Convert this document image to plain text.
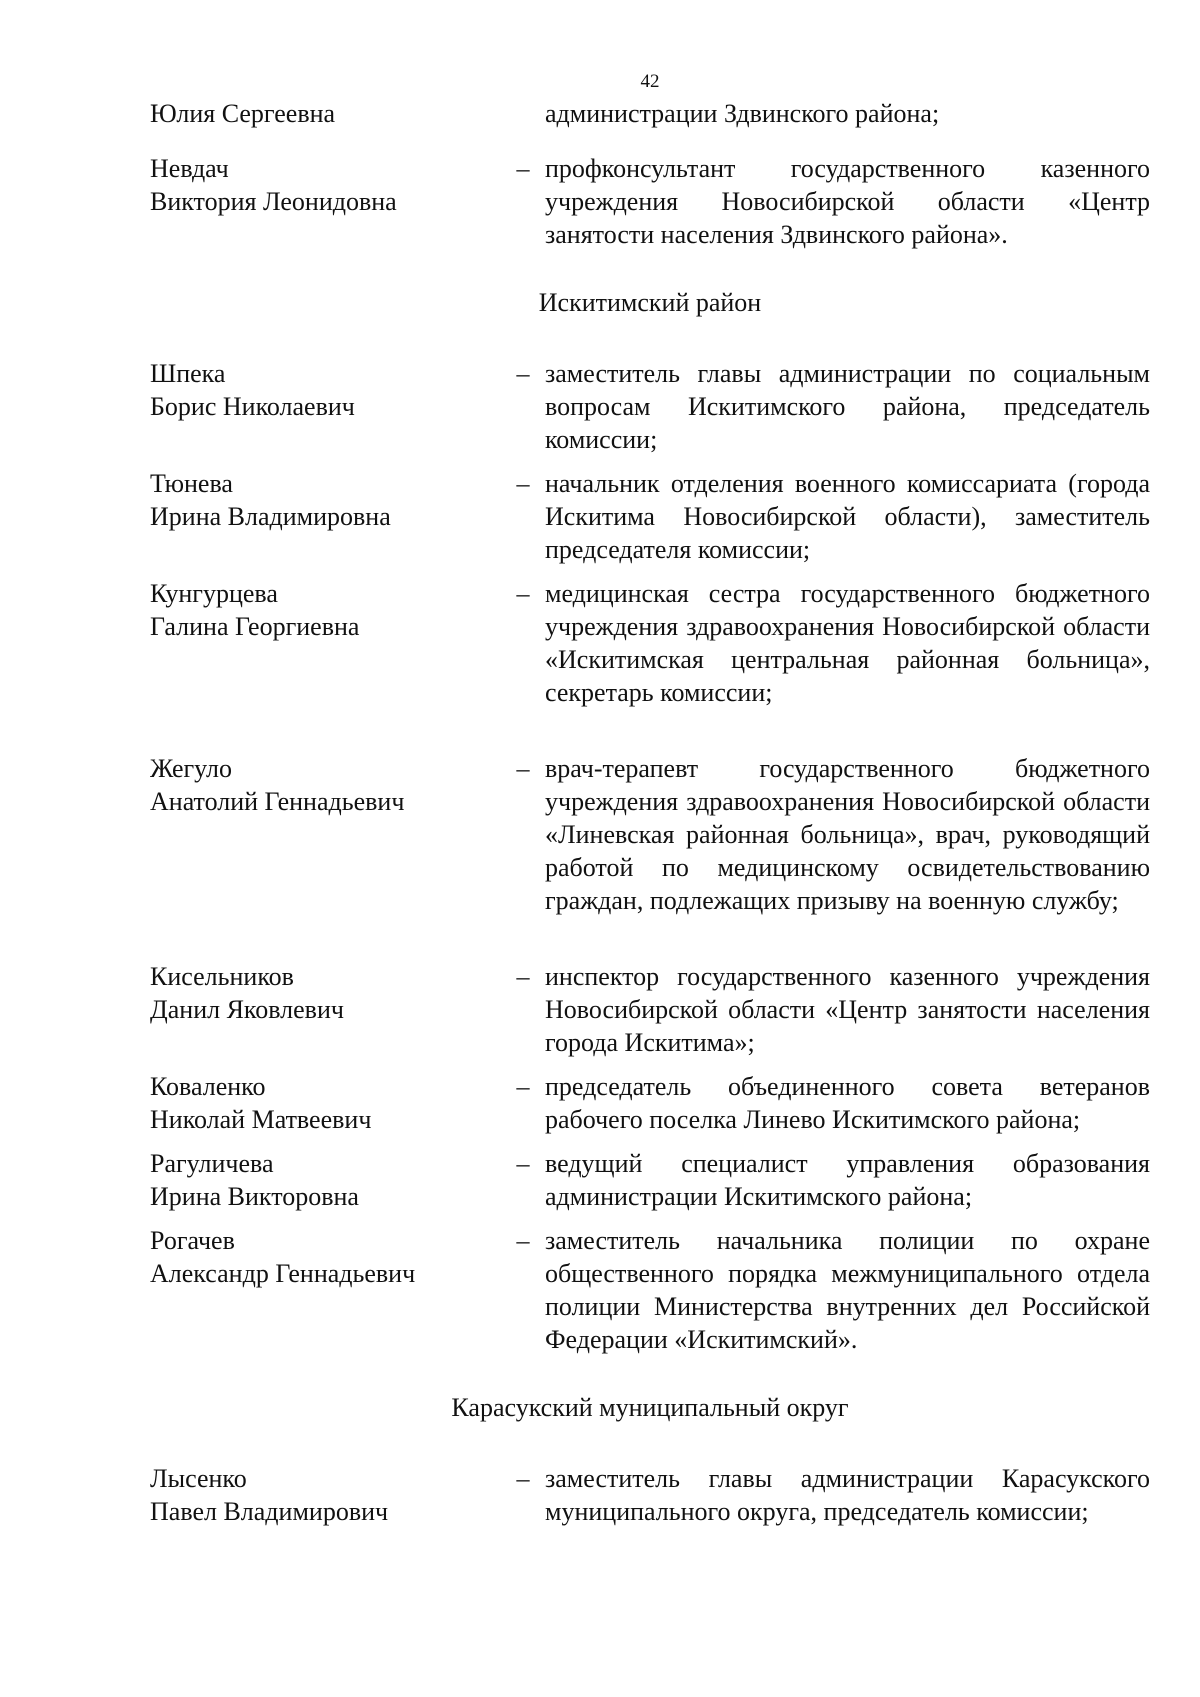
42
Юлия Сергеевна	администрации Здвинского района;
Невдач
Виктория Леонидовна
– профконсультант государственного казенного учреждения Новосибирской области «Центр занятости населения Здвинского района».
Искитимский район
Шпека
Борис Николаевич
– заместитель главы администрации по социальным вопросам Искитимского района, председатель комиссии;
Тюнева
Ирина Владимировна
– начальник отделения военного комиссариата (города Искитима Новосибирской области), заместитель председателя комиссии;
Кунгурцева
Галина Георгиевна
– медицинская сестра государственного бюджетного учреждения здравоохранения Новосибирской области «Искитимская центральная районная больница», секретарь комиссии;
Жегуло
Анатолий Геннадьевич
– врач-терапевт государственного бюджетного учреждения здравоохранения Новосибирской области «Линевская районная больница», врач, руководящий работой по медицинскому освидетельствованию граждан, подлежащих призыву на военную службу;
Кисельников
Данил Яковлевич
– инспектор государственного казенного учреждения Новосибирской области «Центр занятости населения города Искитима»;
Коваленко
Николай Матвеевич
– председатель объединенного совета ветеранов рабочего поселка Линево Искитимского района;
Рагуличева
Ирина Викторовна
– ведущий специалист управления образования администрации Искитимского района;
Рогачев
Александр Геннадьевич
– заместитель начальника полиции по охране общественного порядка межмуниципального отдела полиции Министерства внутренних дел Российской Федерации «Искитимский».
Карасукский муниципальный округ
Лысенко
Павел Владимирович
– заместитель главы администрации Карасукского муниципального округа, председатель комиссии;
